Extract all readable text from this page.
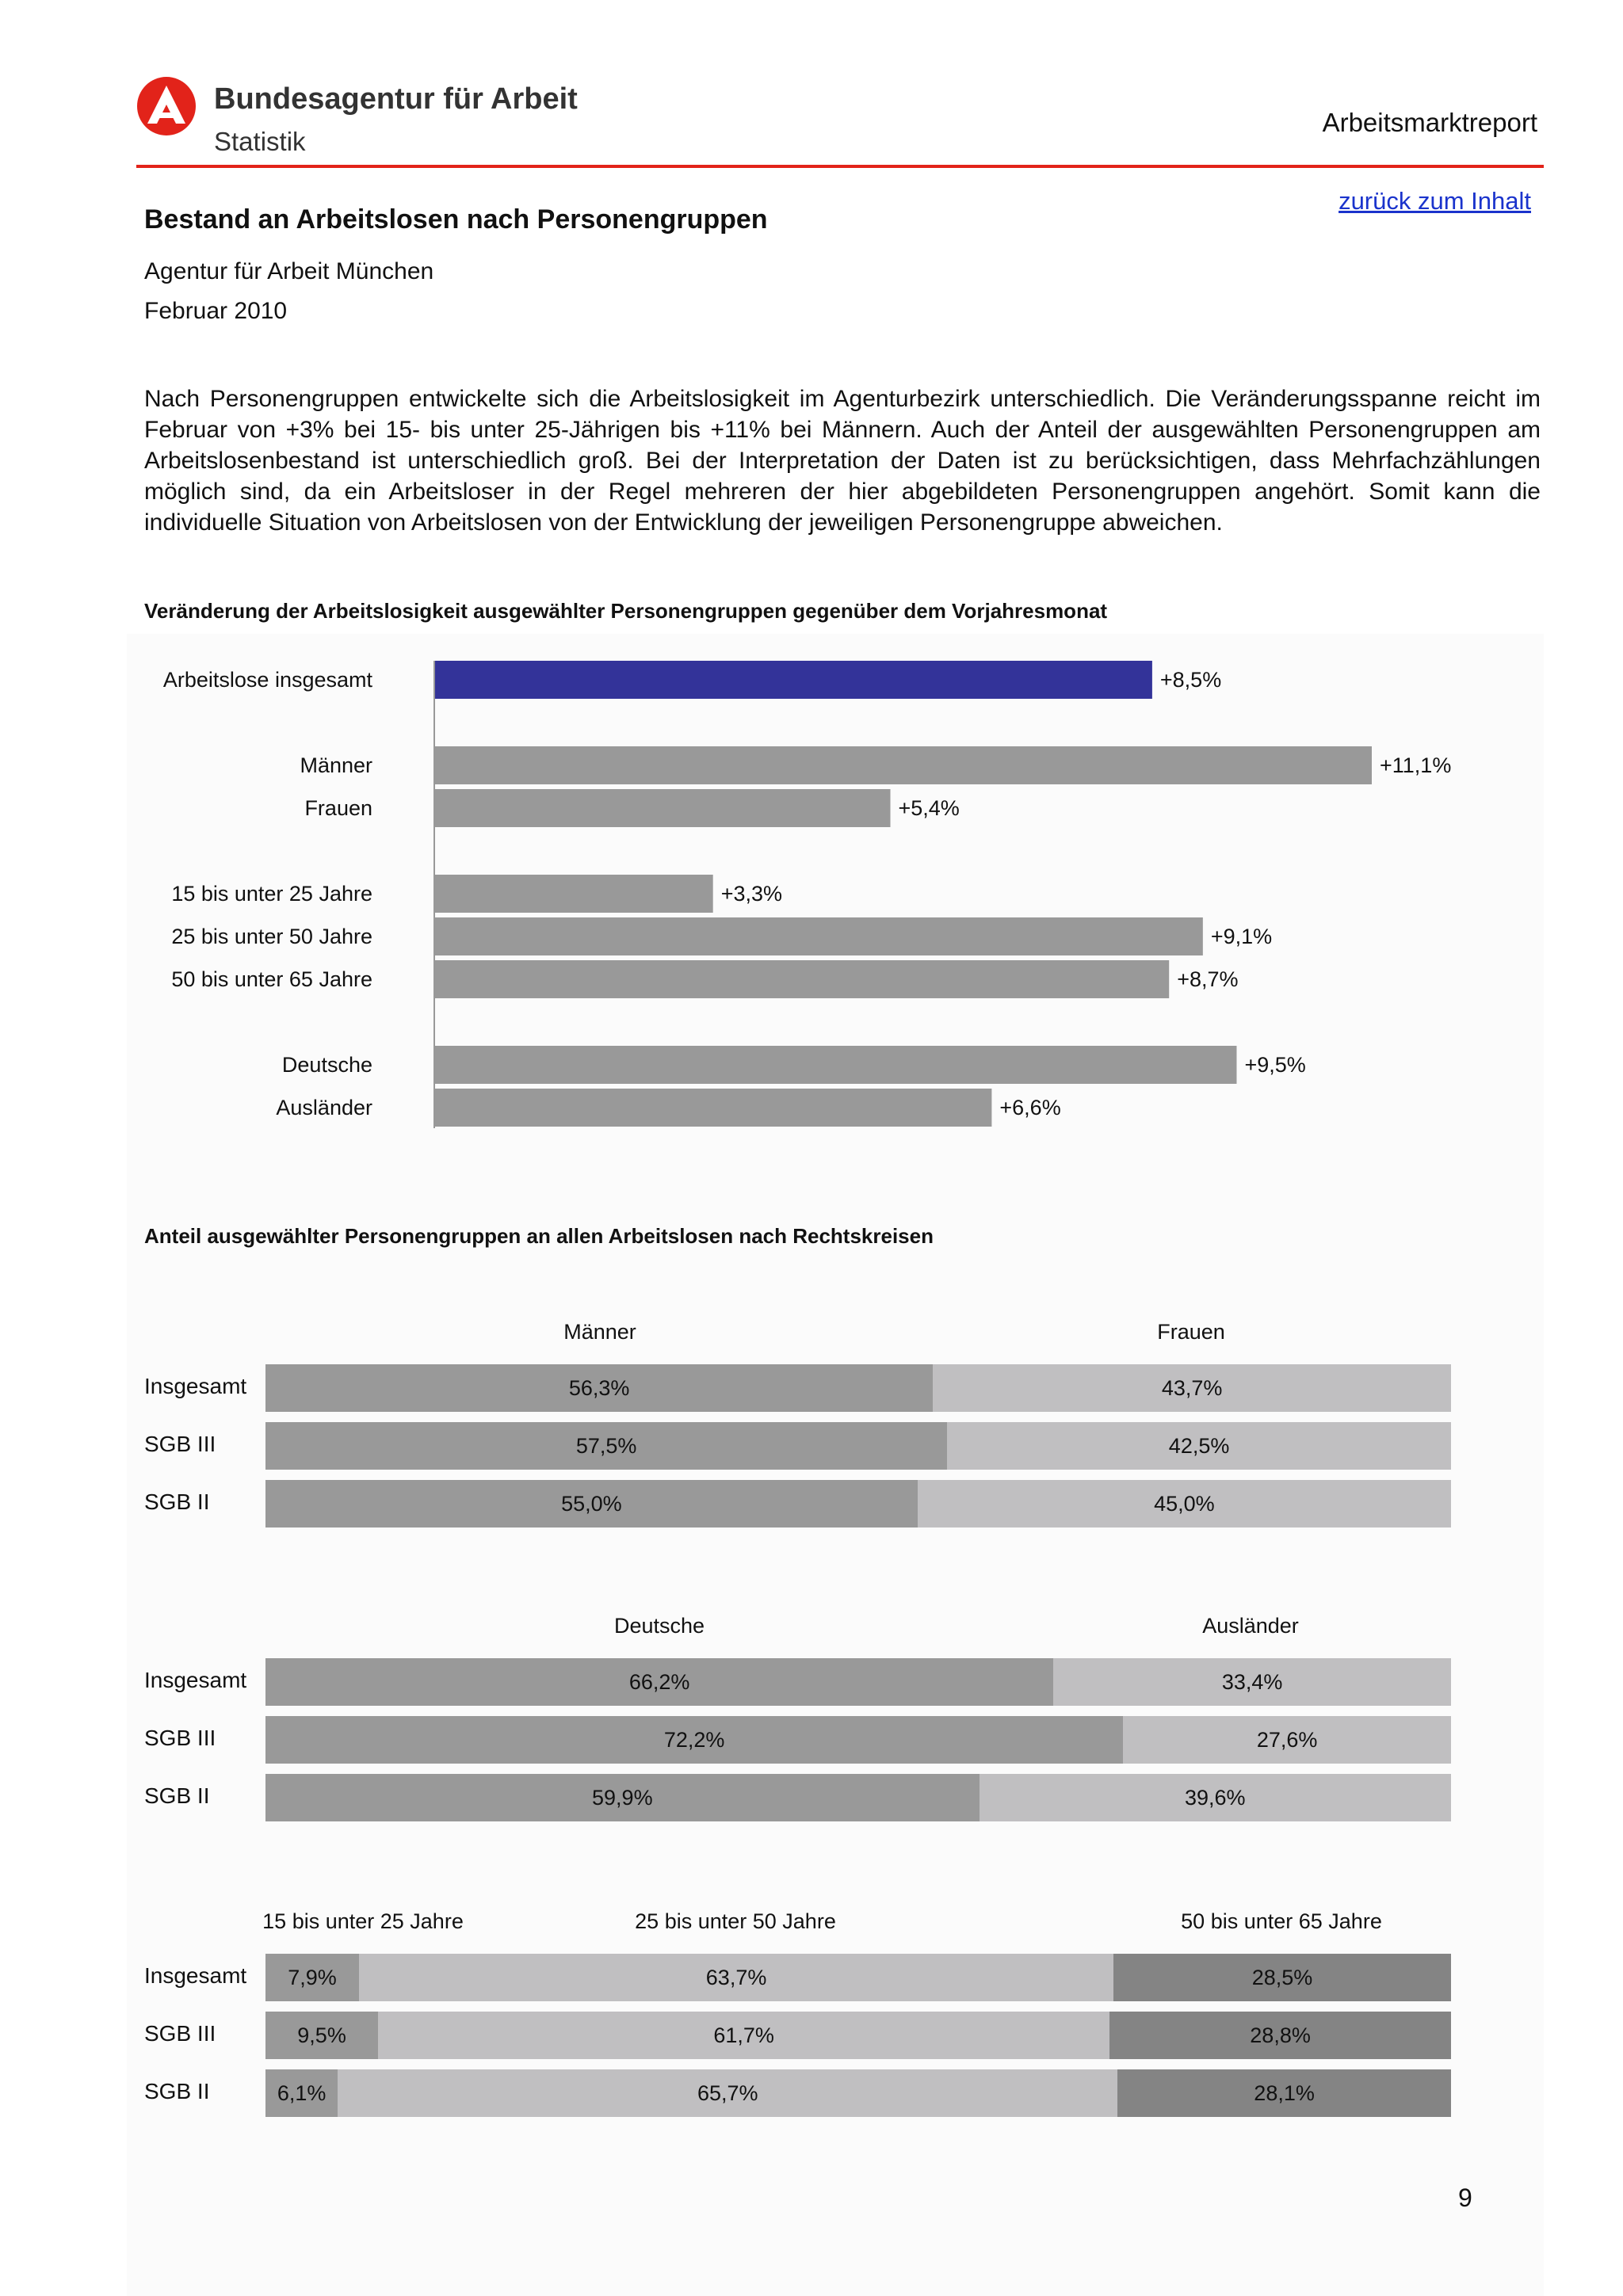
Bundesagentur für Arbeit
Statistik
Arbeitsmarktreport
zurück zum Inhalt
Bestand an Arbeitslosen nach Personengruppen
Agentur für Arbeit München
Februar 2010
Nach Personengruppen entwickelte sich die Arbeitslosigkeit im Agenturbezirk unterschiedlich. Die Veränderungsspanne reicht im Februar von +3% bei 15- bis unter 25-Jährigen bis +11% bei Männern. Auch der Anteil der ausgewählten Personengruppen am Arbeitslosenbestand ist unterschiedlich groß. Bei der Interpretation der Daten ist zu berücksichtigen, dass Mehrfachzählungen möglich sind, da ein Arbeitsloser in der Regel mehreren der hier abgebildeten Personengruppen angehört. Somit kann die individuelle Situation von Arbeitslosen von der Entwicklung der jeweiligen Personengruppe abweichen.
Veränderung der Arbeitslosigkeit ausgewählter Personengruppen gegenüber dem Vorjahresmonat
Arbeitslose insgesamt	+8,5%
Männer	+11,1%
Frauen	+5,4%
15 bis unter 25 Jahre	+3,3%
25 bis unter 50 Jahre	+9,1%
50 bis unter 65 Jahre	+8,7%
Deutsche	+9,5%
Ausländer	+6,6%
Anteil ausgewählter Personengruppen an allen Arbeitslosen nach Rechtskreisen
Männer	Frauen
Insgesamt	56,3%	43,7%
SGB III	57,5%	42,5%
SGB II	55,0%	45,0%
Deutsche	Ausländer
Insgesamt	66,2%	33,4%
SGB III	72,2%	27,6%
SGB II	59,9%	39,6%
15 bis unter 25 Jahre	25 bis unter 50 Jahre	50 bis unter 65 Jahre
Insgesamt	7,9%	63,7%	28,5%
SGB III	9,5%	61,7%	28,8%
SGB II	6,1%	65,7%	28,1%
9
